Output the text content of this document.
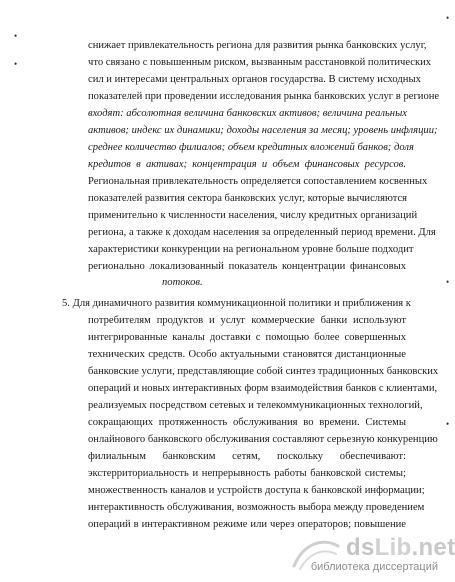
•
•
•
•
•
снижает привлекательность региона для развития рынка банковских услуг,
что связано с повышенным риском, вызванным расстановкой политических
сил и интересами центральных органов государства. В систему исходных
показателей при проведении исследования рынка банковских услуг в регионе
входят: абсолютная величина банковских активов; величина реальных
активов; индекс их динамики; доходы населения за месяц; уровень инфляции;
среднее количество филиалов; объем кредитных вложений банков; доля
кредитов в активах; концентрация и объем финансовых ресурсов.
Региональная привлекательность определяется сопоставлением косвенных
показателей развития сектора банковских услуг, которые вычисляются
применительно к численности населения, числу кредитных организаций
региона, а также к доходам населения за определенный период времени. Для
характеристики конкуренции на региональном уровне больше подходит
регионально локализованный показатель концентрации финансовых
потоков.
5. Для динамичного развития коммуникационной политики и приближения к
потребителям продуктов и услуг коммерческие банки используют
интегрированные каналы доставки с помощью более совершенных
технических средств. Особо актуальными становятся дистанционные
банковские услуги, представляющие собой синтез традиционных банковских
операций и новых интерактивных форм взаимодействия банков с клиентами,
реализуемых посредством сетевых и телекоммуникационных технологий,
сокращающих протяженность обслуживания во времени. Системы
онлайнового банковского обслуживания составляют серьезную конкуренцию
филиальным банковским сетям, поскольку обеспечивают:
экстерриториальность и непрерывность работы банковской системы;
множественность каналов и устройств доступа к банковской информации;
интерактивность обслуживания, возможность выбора между проведением
операций в интерактивном режиме или через операторов; повышение
dsLib.net
библиотека диссертаций
